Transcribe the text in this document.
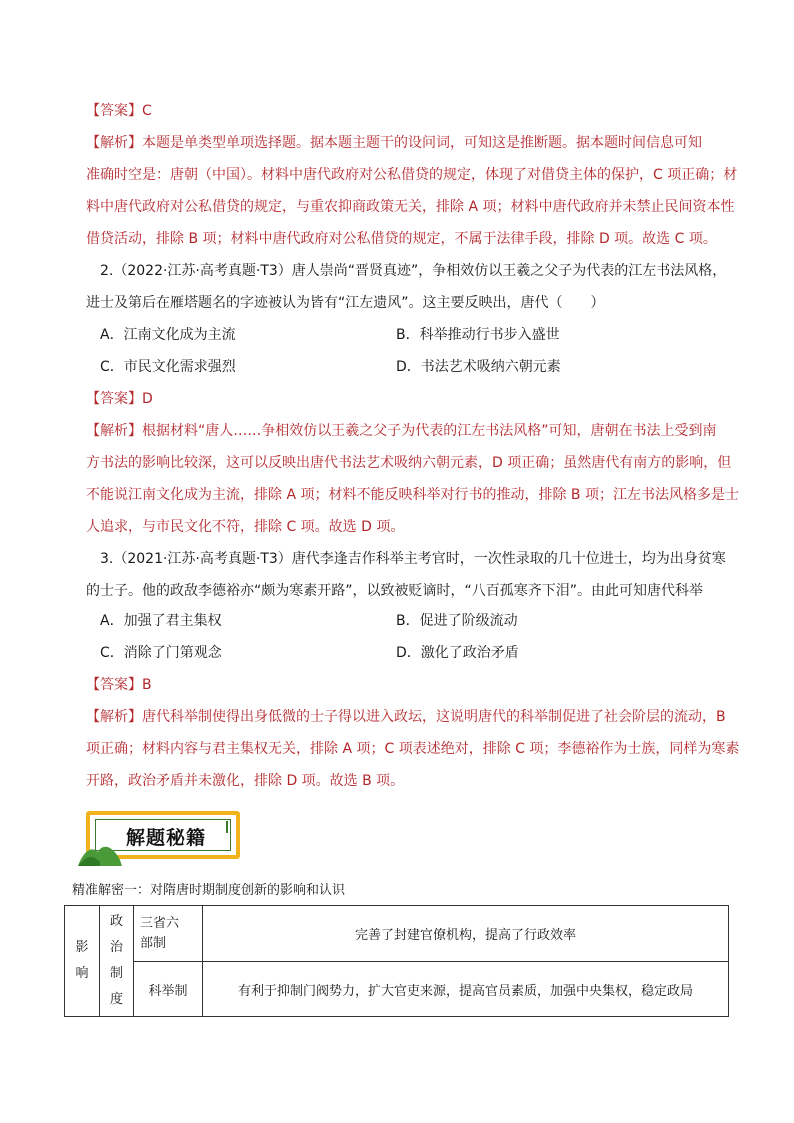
【答案】C
【解析】本题是单类型单项选择题。据本题主题干的设问词，可知这是推断题。据本题时间信息可知
准确时空是：唐朝（中国）。材料中唐代政府对公私借贷的规定，体现了对借贷主体的保护，C 项正确；材
料中唐代政府对公私借贷的规定，与重农抑商政策无关，排除 A 项；材料中唐代政府并未禁止民间资本性
借贷活动，排除 B 项；材料中唐代政府对公私借贷的规定，不属于法律手段，排除 D 项。故选 C 项。
2.（2022·江苏·高考真题·T3）唐人崇尚“晋贤真迹”，争相效仿以王羲之父子为代表的江左书法风格，
进士及第后在雁塔题名的字迹被认为皆有“江左遗风”。这主要反映出，唐代（　　）
A．江南文化成为主流	B．科举推动行书步入盛世
C．市民文化需求强烈	D．书法艺术吸纳六朝元素
【答案】D
【解析】根据材料“唐人……争相效仿以王羲之父子为代表的江左书法风格”可知，唐朝在书法上受到南
方书法的影响比较深，这可以反映出唐代书法艺术吸纳六朝元素，D 项正确；虽然唐代有南方的影响，但
不能说江南文化成为主流，排除 A 项；材料不能反映科举对行书的推动，排除 B 项；江左书法风格多是士
人追求，与市民文化不符，排除 C 项。故选 D 项。
3.（2021·江苏·高考真题·T3）唐代李逢吉作科举主考官时，一次性录取的几十位进士，均为出身贫寒
的士子。他的政敌李德裕亦“颇为寒素开路”，以致被贬谪时，“八百孤寒齐下泪”。由此可知唐代科举
A．加强了君主集权	B．促进了阶级流动
C．消除了门第观念	D．激化了政治矛盾
【答案】B
【解析】唐代科举制使得出身低微的士子得以进入政坛，这说明唐代的科举制促进了社会阶层的流动，B
项正确；材料内容与君主集权无关，排除 A 项；C 项表述绝对，排除 C 项；李德裕作为士族，同样为寒素
开路，政治矛盾并未激化，排除 D 项。故选 B 项。
解题秘籍
精准解密一：对隋唐时期制度创新的影响和认识
影响	政治制度	三省六部制	完善了封建官僚机构，提高了行政效率
		科举制	有利于抑制门阀势力，扩大官吏来源，提高官员素质，加强中央集权，稳定政局
